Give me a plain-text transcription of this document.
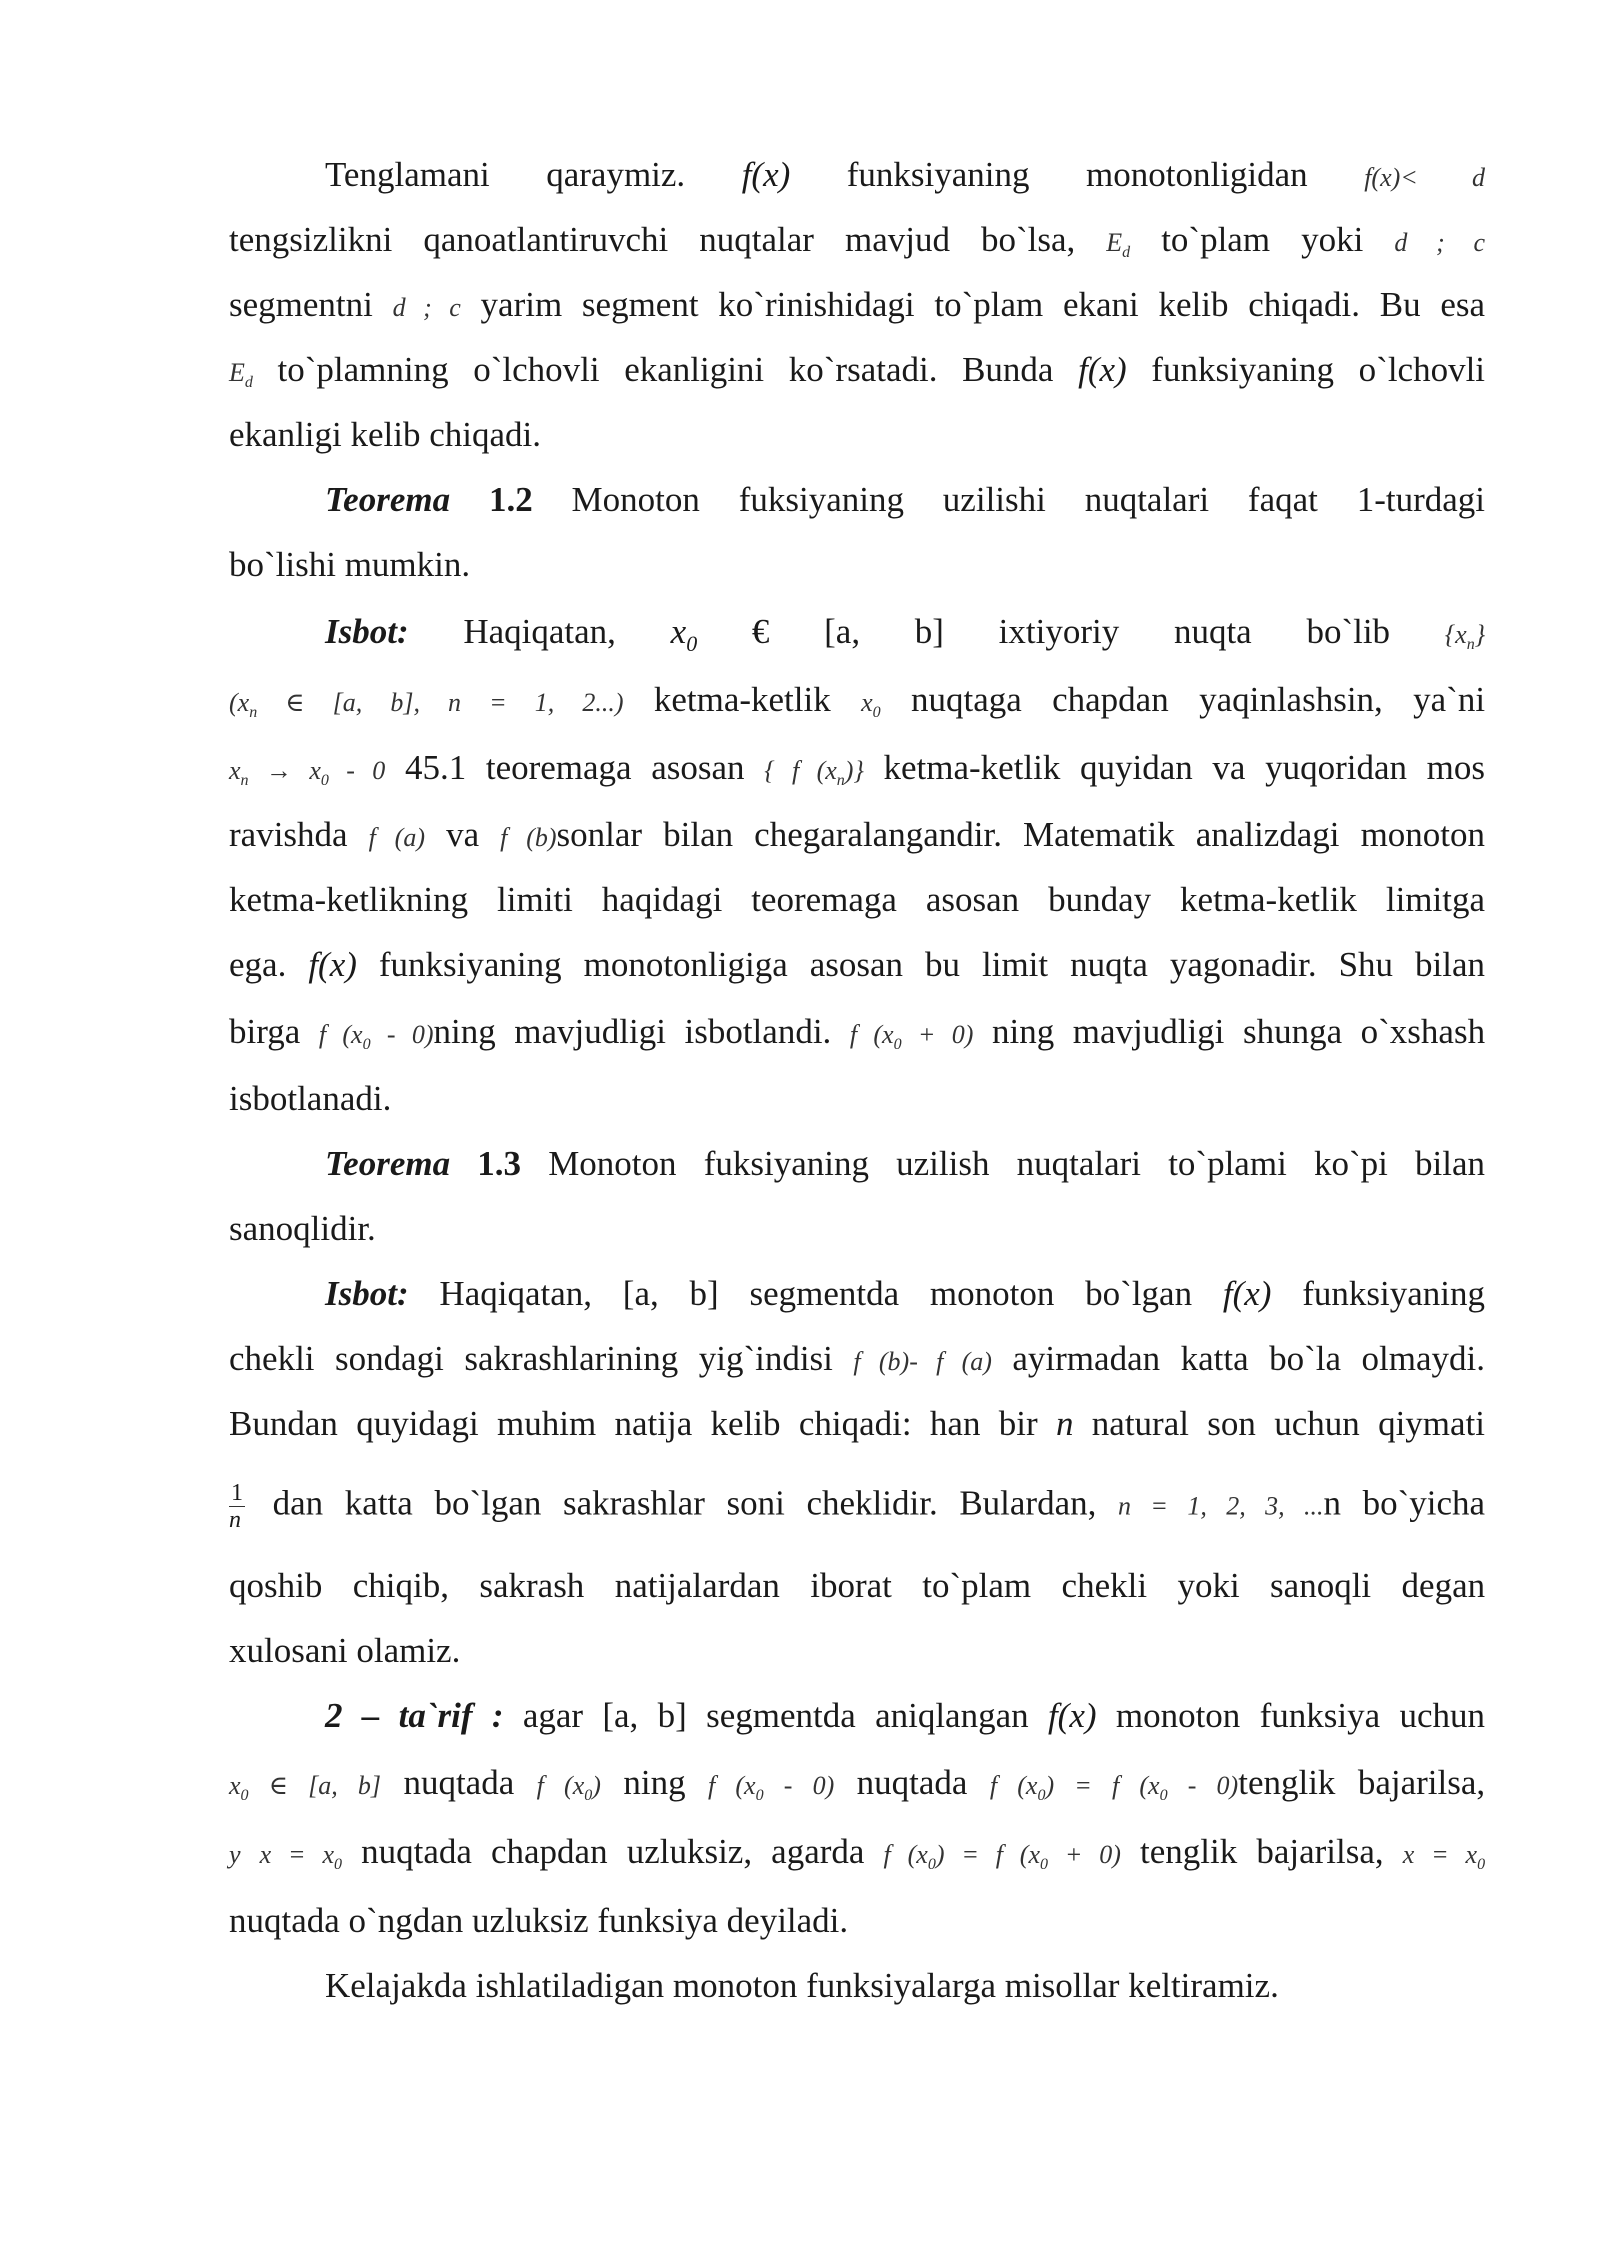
Tenglamani qaraymiz. f(x) funksiyaning monotonligidan f(x)< d
tengsizlikni qanoatlantiruvchi nuqtalar mavjud bo`lsa, $E_d$ to`plam yoki d ; c
segmentni d ; c yarim segment ko`rinishidagi to`plam ekani kelib chiqadi. Bu esa
$E_d$ to`plamning o`lchovli ekanligini ko`rsatadi. Bunda f(x) funksiyaning o`lchovli
ekanligi kelib chiqadi.
Teorema 1.2 Monoton fuksiyaning uzilishi nuqtalari faqat 1-turdagi
bo`lishi mumkin.
Isbot: Haqiqatan, $x_0$ € [a, b] ixtiyoriy nuqta bo`lib $\{x_n\}$
($x_n$ ∈ [a, b], n = 1, 2...) ketma-ketlik $x_0$ nuqtaga chapdan yaqinlashsin, ya`ni
$x_n \to x_0 - 0$ 45.1 teoremaga asosan { f $(x_n)$} ketma-ketlik quyidan va yuqoridan mos
ravishda f (a) va f (b)sonlar bilan chegaralangandir. Matematik analizdagi monoton
ketma-ketlikning limiti haqidagi teoremaga asosan bunday ketma-ketlik limitga
ega. f(x) funksiyaning monotonligiga asosan bu limit nuqta yagonadir. Shu bilan
birga f ($x_0$ - 0)ning mavjudligi isbotlandi. f $(x_0 + 0)$ ning mavjudligi shunga o`xshash
isbotlanadi.
Teorema 1.3 Monoton fuksiyaning uzilish nuqtalari to`plami ko`pi bilan
sanoqlidir.
Isbot: Haqiqatan, [a, b] segmentda monoton bo`lgan f(x) funksiyaning
chekli sondagi sakrashlarining yig`indisi f (b)- f (a) ayirmadan katta bo`la olmaydi.
Bundan quyidagi muhim natija kelib chiqadi: han bir n natural son uchun qiymati
$\frac{1}{n}$ dan katta bo`lgan sakrashlar soni cheklidir. Bulardan, n = 1, 2, 3, ...n bo`yicha
qoshib chiqib, sakrash natijalardan iborat to`plam chekli yoki sanoqli degan
xulosani olamiz.
2 – ta`rif : agar [a, b] segmentda aniqlangan f(x) monoton funksiya uchun
$x_0$ ∈ [a, b] nuqtada f $(x_0)$ ning f $(x_0 - 0)$ nuqtada f $(x_0) = f$ ($x_0$ - 0)tenglik bajarilsa,
y $x = x_0$ nuqtada chapdan uzluksiz, agarda f $(x_0) = f$ $(x_0 + 0)$ tenglik bajarilsa, $x = x_0$
nuqtada o`ngdan uzluksiz funksiya deyiladi.
Kelajakda ishlatiladigan monoton funksiyalarga misollar keltiramiz.
